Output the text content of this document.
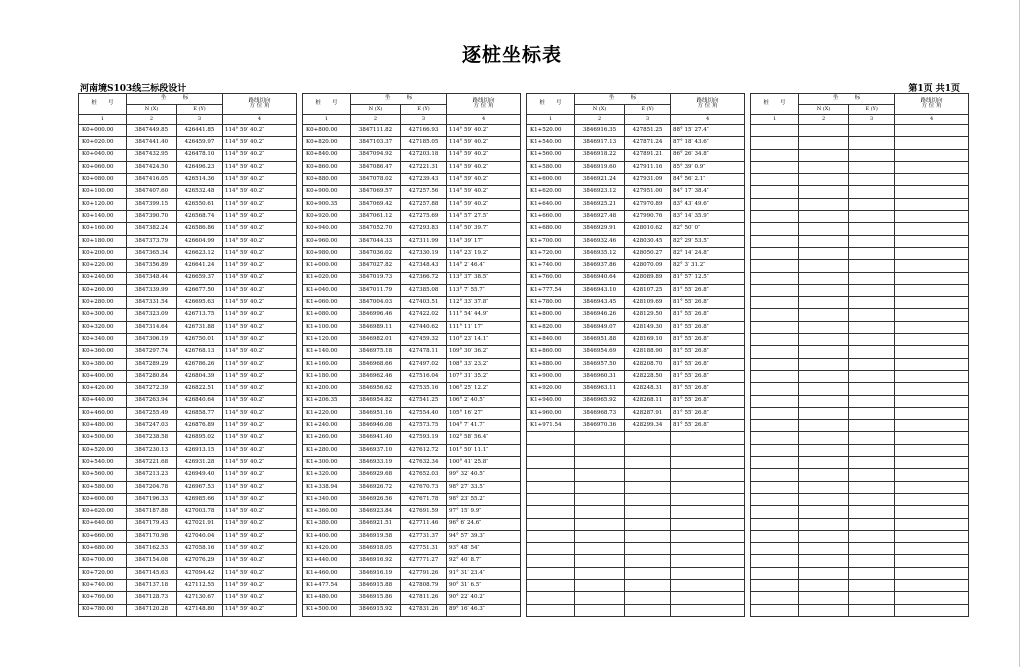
逐桩坐标表
河南境S103线三标段设计	第1页 共1页
桩　　号	坐　　　标		路线切向
方 位 角

	N (X)	E (Y)	
1	2	3	4
K0+000.00	3847449.85	426441.85	114° 59′ 40.2″
K0+020.00	3847441.40	426459.97	114° 59′ 40.2″
K0+040.00	3847432.95	426478.10	114° 59′ 40.2″
K0+060.00	3847424.50	426496.23	114° 59′ 40.2″
K0+080.00	3847416.05	426514.36	114° 59′ 40.2″
K0+100.00	3847407.60	426532.48	114° 59′ 40.2″
K0+120.00	3847399.15	426550.61	114° 59′ 40.2″
K0+140.00	3847390.70	426568.74	114° 59′ 40.2″
K0+160.00	3847382.24	426586.86	114° 59′ 40.2″
K0+180.00	3847373.79	426604.99	114° 59′ 40.2″
K0+200.00	3847365.34	426623.12	114° 59′ 40.2″
K0+220.00	3847356.89	426641.24	114° 59′ 40.2″
K0+240.00	3847348.44	426659.37	114° 59′ 40.2″
K0+260.00	3847339.99	426677.50	114° 59′ 40.2″
K0+280.00	3847331.54	426695.63	114° 59′ 40.2″
K0+300.00	3847323.09	426713.75	114° 59′ 40.2″
K0+320.00	3847314.64	426731.88	114° 59′ 40.2″
K0+340.00	3847306.19	426750.01	114° 59′ 40.2″
K0+360.00	3847297.74	426768.13	114° 59′ 40.2″
K0+380.00	3847289.29	426786.26	114° 59′ 40.2″
K0+400.00	3847280.84	426804.39	114° 59′ 40.2″
K0+420.00	3847272.39	426822.51	114° 59′ 40.2″
K0+440.00	3847263.94	426840.64	114° 59′ 40.2″
K0+460.00	3847255.49	426858.77	114° 59′ 40.2″
K0+480.00	3847247.03	426876.89	114° 59′ 40.2″
K0+500.00	3847238.58	426895.02	114° 59′ 40.2″
K0+520.00	3847230.13	426913.15	114° 59′ 40.2″
K0+540.00	3847221.68	426931.28	114° 59′ 40.2″
K0+560.00	3847213.23	426949.40	114° 59′ 40.2″
K0+580.00	3847204.78	426967.53	114° 59′ 40.2″
K0+600.00	3847196.33	426985.66	114° 59′ 40.2″
K0+620.00	3847187.88	427003.78	114° 59′ 40.2″
K0+640.00	3847179.43	427021.91	114° 59′ 40.2″
K0+660.00	3847170.98	427040.04	114° 59′ 40.2″
K0+680.00	3847162.53	427058.16	114° 59′ 40.2″
K0+700.00	3847154.08	427076.29	114° 59′ 40.2″
K0+720.00	3847145.63	427094.42	114° 59′ 40.2″
K0+740.00	3847137.18	427112.55	114° 59′ 40.2″
K0+760.00	3847128.73	427130.67	114° 59′ 40.2″
K0+780.00	3847120.28	427148.80	114° 59′ 40.2″
桩　　号	坐　　　标		路线切向
方 位 角

	N (X)	E (Y)	
1	2	3	4
K0+800.00	3847111.82	427166.93	114° 59′ 40.2″
K0+820.00	3847103.37	427185.05	114° 59′ 40.2″
K0+840.00	3847094.92	427203.18	114° 59′ 40.2″
K0+860.00	3847086.47	427221.31	114° 59′ 40.2″
K0+880.00	3847078.02	427239.43	114° 59′ 40.2″
K0+900.00	3847069.57	427257.56	114° 59′ 40.2″
K0+900.35	3847069.42	427257.88	114° 59′ 40.2″
K0+920.00	3847061.12	427275.69	114° 57′ 27.5″
K0+940.00	3847052.70	427293.83	114° 50′ 39.7″
K0+960.00	3847044.33	427311.99	114° 39′ 17″
K0+980.00	3847036.02	427330.19	114° 23′ 19.2″
K1+000.00	3847027.82	427348.43	114° 2′ 46.4″
K1+020.00	3847019.73	427366.72	113° 37′ 38.5″
K1+040.00	3847011.79	427385.08	113° 7′ 55.7″
K1+060.00	3847004.03	427403.51	112° 33′ 37.8″
K1+080.00	3846996.46	427422.02	111° 54′ 44.9″
K1+100.00	3846989.11	427440.62	111° 11′ 17″
K1+120.00	3846982.01	427459.32	110° 23′ 14.1″
K1+140.00	3846975.18	427478.11	109° 30′ 36.2″
K1+160.00	3846968.66	427497.02	108° 33′ 23.2″
K1+180.00	3846962.46	427516.04	107° 31′ 35.2″
K1+200.00	3846956.62	427535.16	106° 25′ 12.2″
K1+206.35	3846954.82	427541.25	106° 2′ 40.5″
K1+220.00	3846951.16	427554.40	105° 16′ 27″
K1+240.00	3846946.08	427573.75	104° 7′ 41.7″
K1+260.00	3846941.40	427593.19	102° 58′ 56.4″
K1+280.00	3846937.10	427612.72	101° 50′ 11.1″
K1+300.00	3846933.19	427632.34	100° 41′ 25.8″
K1+320.00	3846929.68	427652.03	99° 32′ 40.5″
K1+338.94	3846926.72	427670.73	98° 27′ 33.5″
K1+340.00	3846926.56	427671.78	98° 23′ 55.2″
K1+360.00	3846923.84	427691.59	97° 15′ 9.9″
K1+380.00	3846921.51	427711.46	96° 6′ 24.6″
K1+400.00	3846919.58	427731.37	94° 57′ 39.3″
K1+420.00	3846918.05	427751.31	93° 48′ 54″
K1+440.00	3846916.92	427771.27	92° 40′ 8.7″
K1+460.00	3846916.19	427791.26	91° 31′ 23.4″
K1+477.54	3846915.88	427808.79	90° 31′ 6.5″
K1+480.00	3846915.86	427811.26	90° 22′ 40.2″
K1+500.00	3846915.92	427831.26	89° 16′ 46.3″
桩　　号	坐　　　标		路线切向
方 位 角

	N (X)	E (Y)	
1	2	3	4
K1+520.00	3846916.35	427851.25	88° 15′ 27.4″
K1+540.00	3846917.13	427871.24	87° 18′ 43.6″
K1+560.00	3846918.22	427891.21	86° 26′ 34.8″
K1+580.00	3846919.60	427911.16	85° 39′ 0.9″
K1+600.00	3846921.24	427931.09	84° 56′ 2.1″
K1+620.00	3846923.12	427951.00	84° 17′ 38.4″
K1+640.00	3846925.21	427970.89	83° 43′ 49.6″
K1+660.00	3846927.48	427990.76	83° 14′ 35.9″
K1+680.00	3846929.91	428010.62	82° 50′ 0″
K1+700.00	3846932.46	428030.45	82° 29′ 53.5″
K1+720.00	3846935.12	428050.27	82° 14′ 24.8″
K1+740.00	3846937.86	428070.09	82° 3′ 31.2″
K1+760.00	3846940.64	428089.89	81° 57′ 12.5″
K1+777.54	3846943.10	428107.25	81° 55′ 26.8″
K1+780.00	3846943.45	428109.69	81° 55′ 26.8″
K1+800.00	3846946.26	428129.50	81° 55′ 26.8″
K1+820.00	3846949.07	428149.30	81° 55′ 26.8″
K1+840.00	3846951.88	428169.10	81° 55′ 26.8″
K1+860.00	3846954.69	428188.90	81° 55′ 26.8″
K1+880.00	3846957.50	428208.70	81° 55′ 26.8″
K1+900.00	3846960.31	428228.50	81° 55′ 26.8″
K1+920.00	3846963.11	428248.31	81° 55′ 26.8″
K1+940.00	3846965.92	428268.11	81° 55′ 26.8″
K1+960.00	3846968.73	428287.91	81° 55′ 26.8″
K1+971.54	3846970.36	428299.34	81° 55′ 26.8″

桩　　号	坐　　　标		路线切向
方 位 角

	N (X)	E (Y)	
1	2	3	4
